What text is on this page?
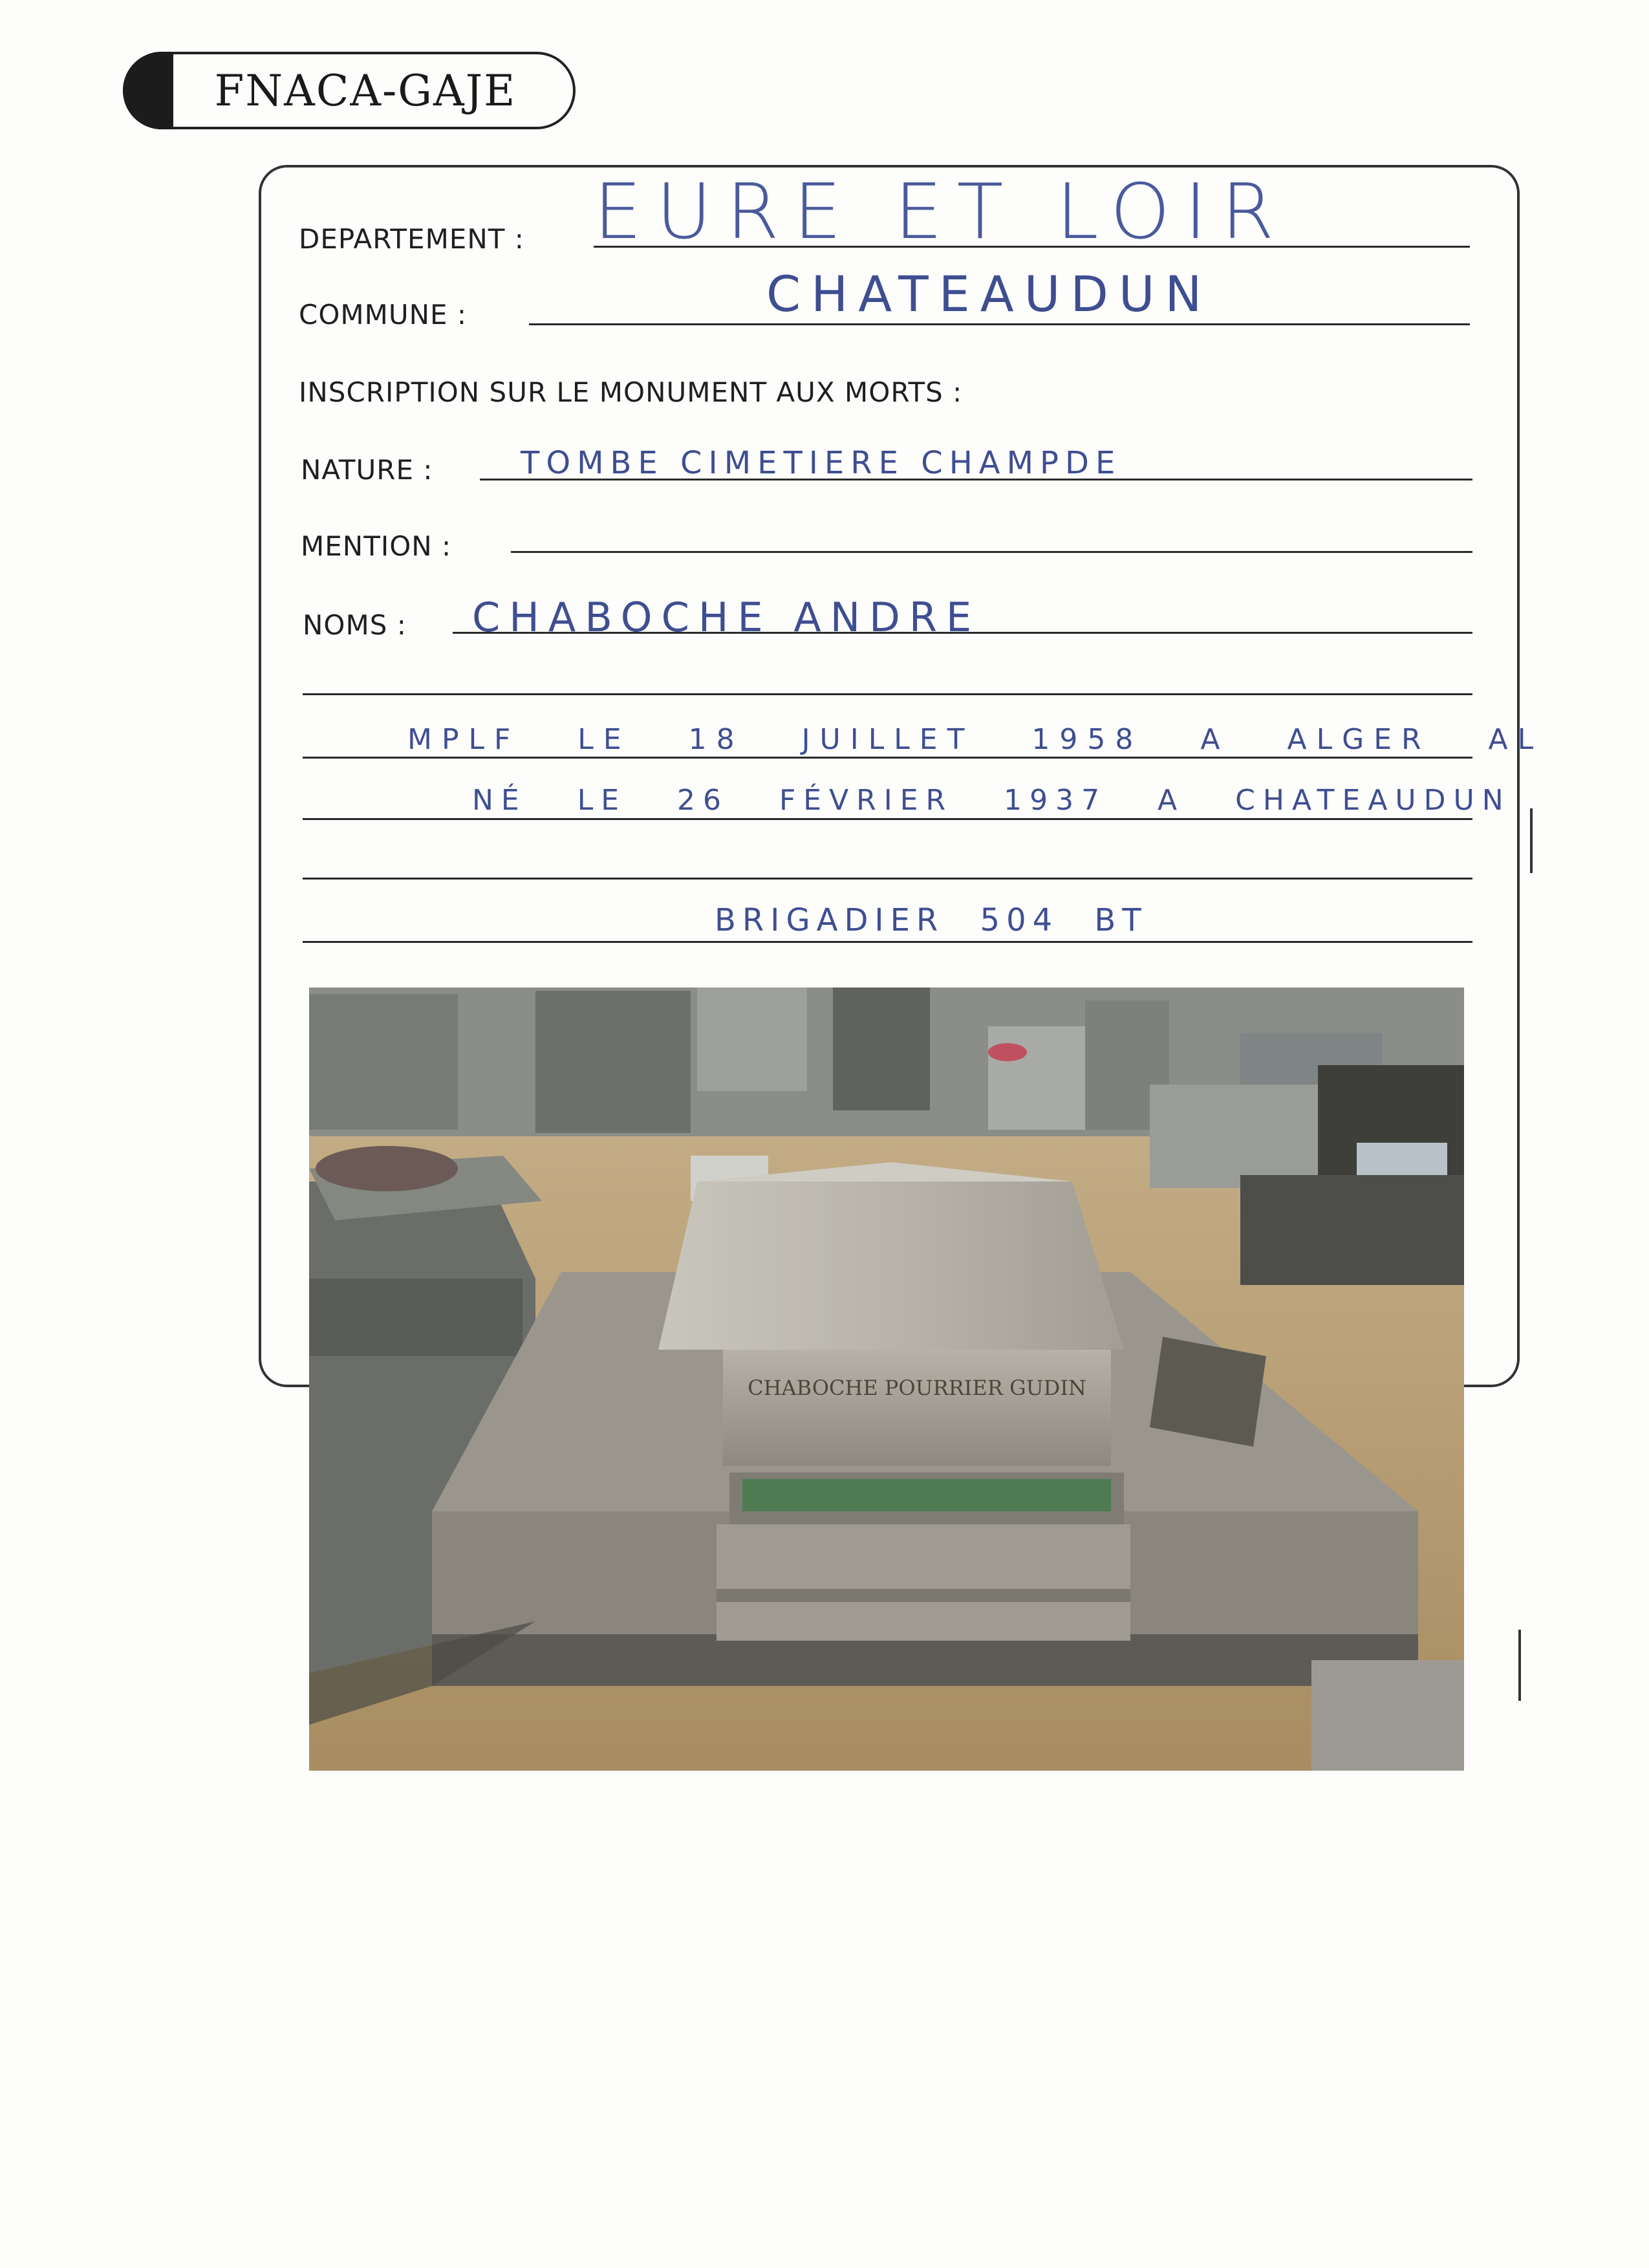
FNACA-GAJE
DEPARTEMENT : EURE ET LOIR
COMMUNE :	CHATEAUDUN
INSCRIPTION SUR LE MONUMENT AUX MORTS :
NATURE :	TOMBE CIMETIERE CHAMPDE
MENTION :
NOMS : CHABOCHE ANDRE
MPLF LE 18 JUILLET 1958 A ALGER AL
NÉ LE 26 FÉVRIER 1937 A CHATEAUDUN
BRIGADIER 504 BT
CHABOCHE POURRIER GUDIN
